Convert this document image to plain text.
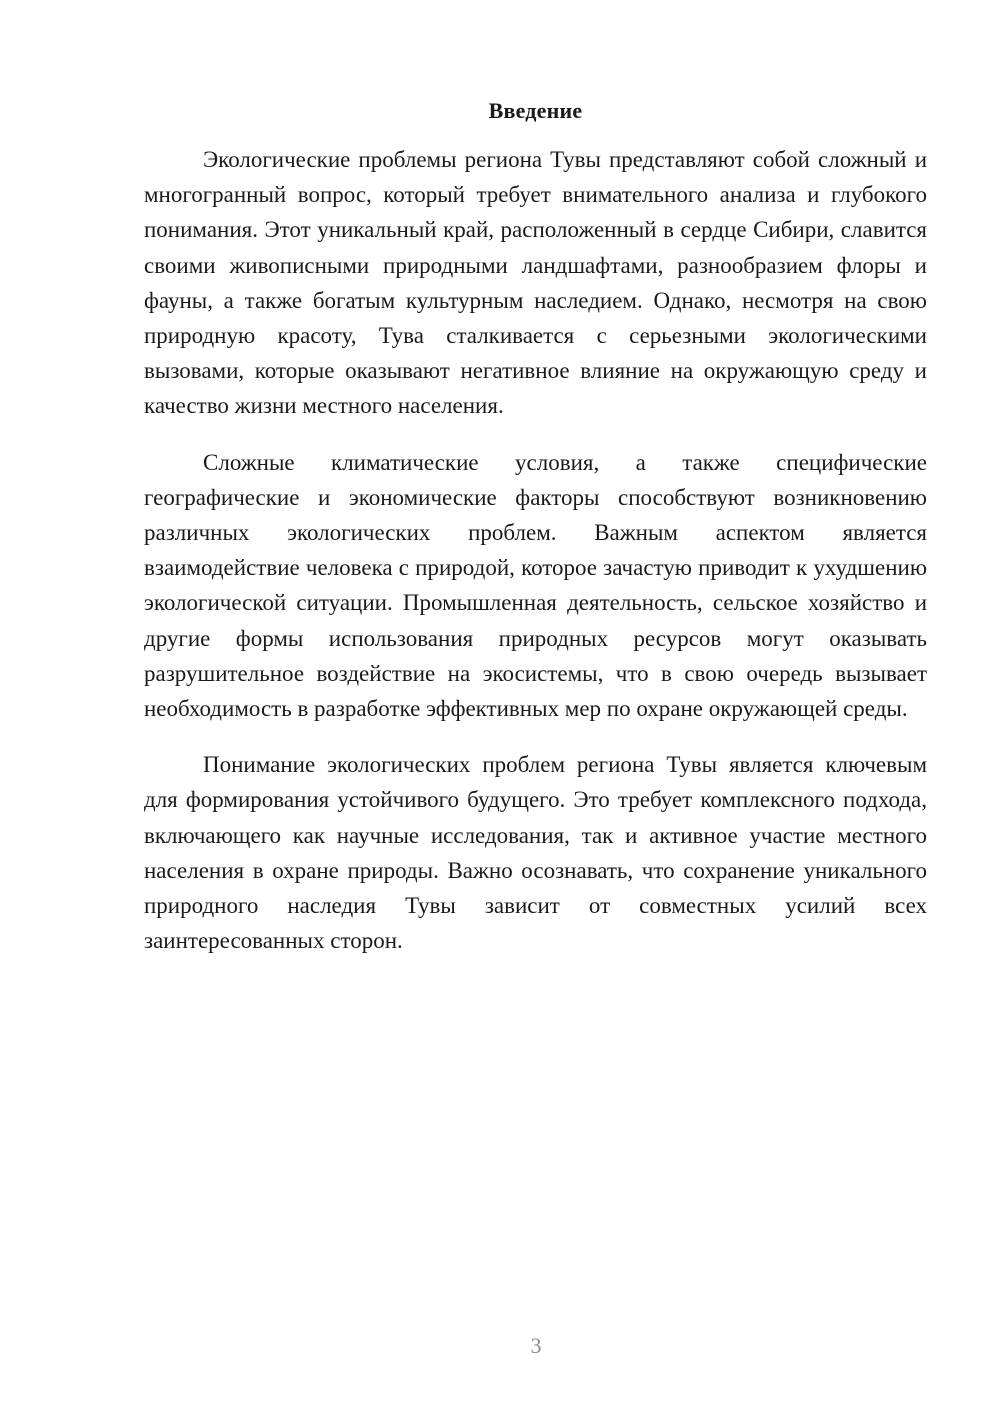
Введение

Экологические проблемы региона Тувы представляют собой сложный и многогранный вопрос, который требует внимательного анализа и глубокого понимания. Этот уникальный край, расположенный в сердце Сибири, славится своими живописными природными ландшафтами, разнообразием флоры и фауны, а также богатым культурным наследием. Однако, несмотря на свою природную красоту, Тува сталкивается с серьезными экологическими вызовами, которые оказывают негативное влияние на окружающую среду и качество жизни местного населения.

Сложные климатические условия, а также специфические географические и экономические факторы способствуют возникновению различных экологических проблем. Важным аспектом является взаимодействие человека с природой, которое зачастую приводит к ухудшению экологической ситуации. Промышленная деятельность, сельское хозяйство и другие формы использования природных ресурсов могут оказывать разрушительное воздействие на экосистемы, что в свою очередь вызывает необходимость в разработке эффективных мер по охране окружающей среды.

Понимание экологических проблем региона Тувы является ключевым для формирования устойчивого будущего. Это требует комплексного подхода, включающего как научные исследования, так и активное участие местного населения в охране природы. Важно осознавать, что сохранение уникального природного наследия Тувы зависит от совместных усилий всех заинтересованных сторон.

3
